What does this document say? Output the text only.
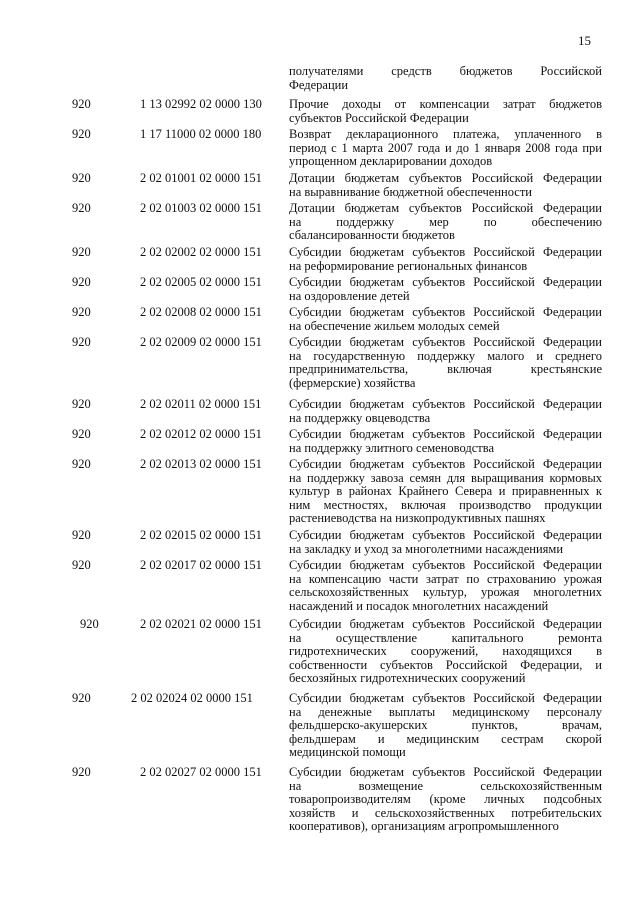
15
получателями средств бюджетов Российской
Федерации
920	1 13 02992 02 0000 130 Прочие доходы от компенсации затрат бюджетов
субъектов Российской Федерации
920	1 17 11000 02 0000 180 Возврат декларационного платежа, уплаченного в
период с 1 марта 2007 года и до 1 января 2008 года при
упрощенном декларировании доходов
920	2 02 01001 02 0000 151 Дотации бюджетам субъектов Российской Федерации
на выравнивание бюджетной обеспеченности
920	2 02 01003 02 0000 151 Дотации бюджетам субъектов Российской Федерации
на поддержку мер по обеспечению
сбалансированности бюджетов
920	2 02 02002 02 0000 151 Субсидии бюджетам субъектов Российской Федерации
на реформирование региональных финансов
920	2 02 02005 02 0000 151 Субсидии бюджетам субъектов Российской Федерации
на оздоровление детей
920	2 02 02008 02 0000 151 Субсидии бюджетам субъектов Российской Федерации
на обеспечение жильем молодых семей
920	2 02 02009 02 0000 151 Субсидии бюджетам субъектов Российской Федерации
на государственную поддержку малого и среднего
предпринимательства, включая крестьянские
(фермерские) хозяйства
920	2 02 02011 02 0000 151 Субсидии бюджетам субъектов Российской Федерации
на поддержку овцеводства
920	2 02 02012 02 0000 151 Субсидии бюджетам субъектов Российской Федерации
на поддержку элитного семеноводства
920	2 02 02013 02 0000 151 Субсидии бюджетам субъектов Российской Федерации
на поддержку завоза семян для выращивания кормовых
культур в районах Крайнего Севера и приравненных к
ним местностях, включая производство продукции
растениеводства на низкопродуктивных пашнях
920	2 02 02015 02 0000 151 Субсидии бюджетам субъектов Российской Федерации
на закладку и уход за многолетними насаждениями
920	2 02 02017 02 0000 151 Субсидии бюджетам субъектов Российской Федерации
на компенсацию части затрат по страхованию урожая
сельскохозяйственных культур, урожая многолетних
насаждений и посадок многолетних насаждений
920	2 02 02021 02 0000 151 Субсидии бюджетам субъектов Российской Федерации
на осуществление капитального ремонта
гидротехнических сооружений, находящихся в
собственности субъектов Российской Федерации, и
бесхозяйных гидротехнических сооружений
920	2 02 02024 02 0000 151	Субсидии бюджетам субъектов Российской Федерации
на денежные выплаты медицинскому персоналу
фельдшерско-акушерских пунктов, врачам,
фельдшерам и медицинским сестрам скорой
медицинской помощи
920	2 02 02027 02 0000 151 Субсидии бюджетам субъектов Российской Федерации
на возмещение сельскохозяйственным
товаропроизводителям (кроме личных подсобных
хозяйств и сельскохозяйственных потребительских
кооперативов), организациям агропромышленного
